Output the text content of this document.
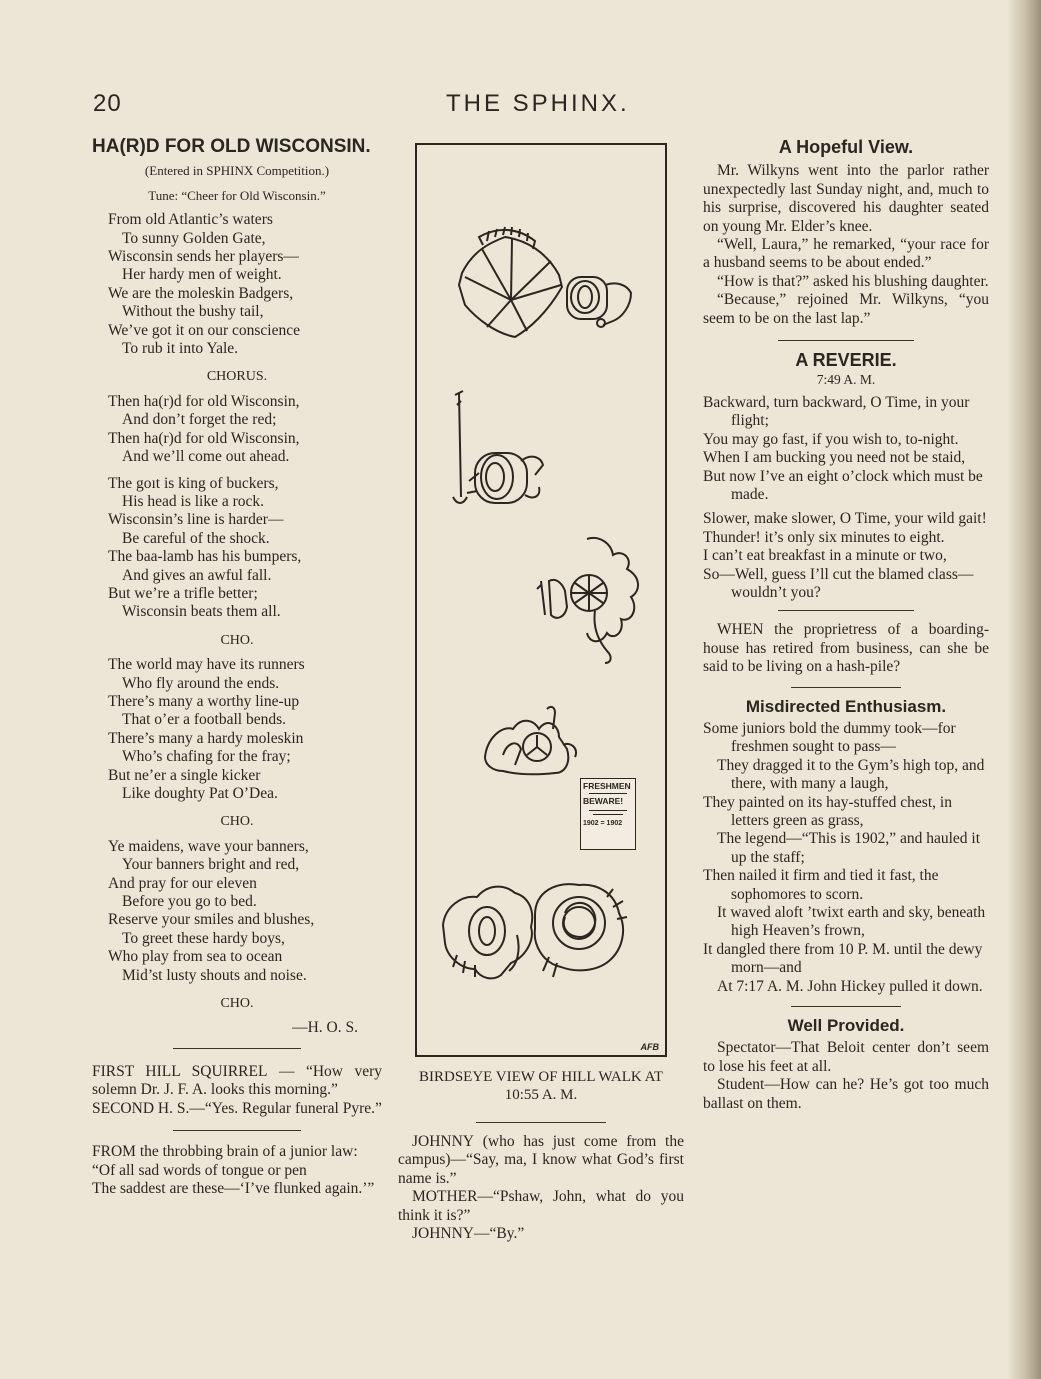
20	THE SPHINX.
HA(R)D FOR OLD WISCONSIN.
(Entered in SPHINX Competition.)
Tune: “Cheer for Old Wisconsin.”
From old Atlantic’s waters
To sunny Golden Gate,
Wisconsin sends her players—
Her hardy men of weight.
We are the moleskin Badgers,
Without the bushy tail,
We’ve got it on our conscience
To rub it into Yale.
CHORUS.
Then ha(r)d for old Wisconsin,
And don’t forget the red;
Then ha(r)d for old Wisconsin,
And we’ll come out ahead.
The goıt is king of buckers,
His head is like a rock.
Wisconsin’s line is harder—
Be careful of the shock.
The baa-lamb has his bumpers,
And gives an awful fall.
But we’re a trifle better;
Wisconsin beats them all.
CHO.
The world may have its runners
Who fly around the ends.
There’s many a worthy line-up
That o’er a football bends.
There’s many a hardy moleskin
Who’s chafing for the fray;
But ne’er a single kicker
Like doughty Pat O’Dea.
CHO.
Ye maidens, wave your banners,
Your banners bright and red,
And pray for our eleven
Before you go to bed.
Reserve your smiles and blushes,
To greet these hardy boys,
Who play from sea to ocean
Mid’st lusty shouts and noise.
CHO.
—H. O. S.

FIRST HILL SQUIRREL — “How very solemn Dr. J. F. A. looks this morning.”

SECOND H. S.—“Yes. Regular funeral Pyre.”

FROM the throbbing brain of a junior law:

“Of all sad words of tongue or pen

The saddest are these—‘I’ve flunked again.’”

FRESHMEN
BEWARE!
1902 = 1902
AFB
BIRDSEYE VIEW OF HILL WALK AT
10:55 A. M.

JOHNNY (who has just come from the campus)—“Say, ma, I know what God’s first name is.”

MOTHER—“Pshaw, John, what do you think it is?”

JOHNNY—“By.”

A Hopeful View.

Mr. Wilkyns went into the parlor rather unexpectedly last Sunday night, and, much to his surprise, discovered his daughter seated on young Mr. Elder’s knee.

“Well, Laura,” he remarked, “your race for a husband seems to be about ended.”

“How is that?” asked his blushing daughter.

“Because,” rejoined Mr. Wilkyns, “you seem to be on the last lap.”

A REVERIE.
7:49 A. M.

Backward, turn backward, O Time, in your flight;

You may go fast, if you wish to, to-night.

When I am bucking you need not be staid,

But now I’ve an eight o’clock which must be made.

Slower, make slower, O Time, your wild gait!

Thunder! it’s only six minutes to eight.

I can’t eat breakfast in a minute or two,

So—Well, guess I’ll cut the blamed class—wouldn’t you?

WHEN the proprietress of a boarding-house has retired from business, can she be said to be living on a hash-pile?

Misdirected Enthusiasm.

Some juniors bold the dummy took—for freshmen sought to pass—

They dragged it to the Gym’s high top, and there, with many a laugh,

They painted on its hay-stuffed chest, in letters green as grass,

The legend—“This is 1902,” and hauled it up the staff;

Then nailed it firm and tied it fast, the sophomores to scorn.

It waved aloft ’twixt earth and sky, beneath high Heaven’s frown,

It dangled there from 10 P. M. until the dewy morn—and

At 7:17 A. M. John Hickey pulled it down.

Well Provided.

Spectator—That Beloit center don’t seem to lose his feet at all.

Student—How can he? He’s got too much ballast on them.
